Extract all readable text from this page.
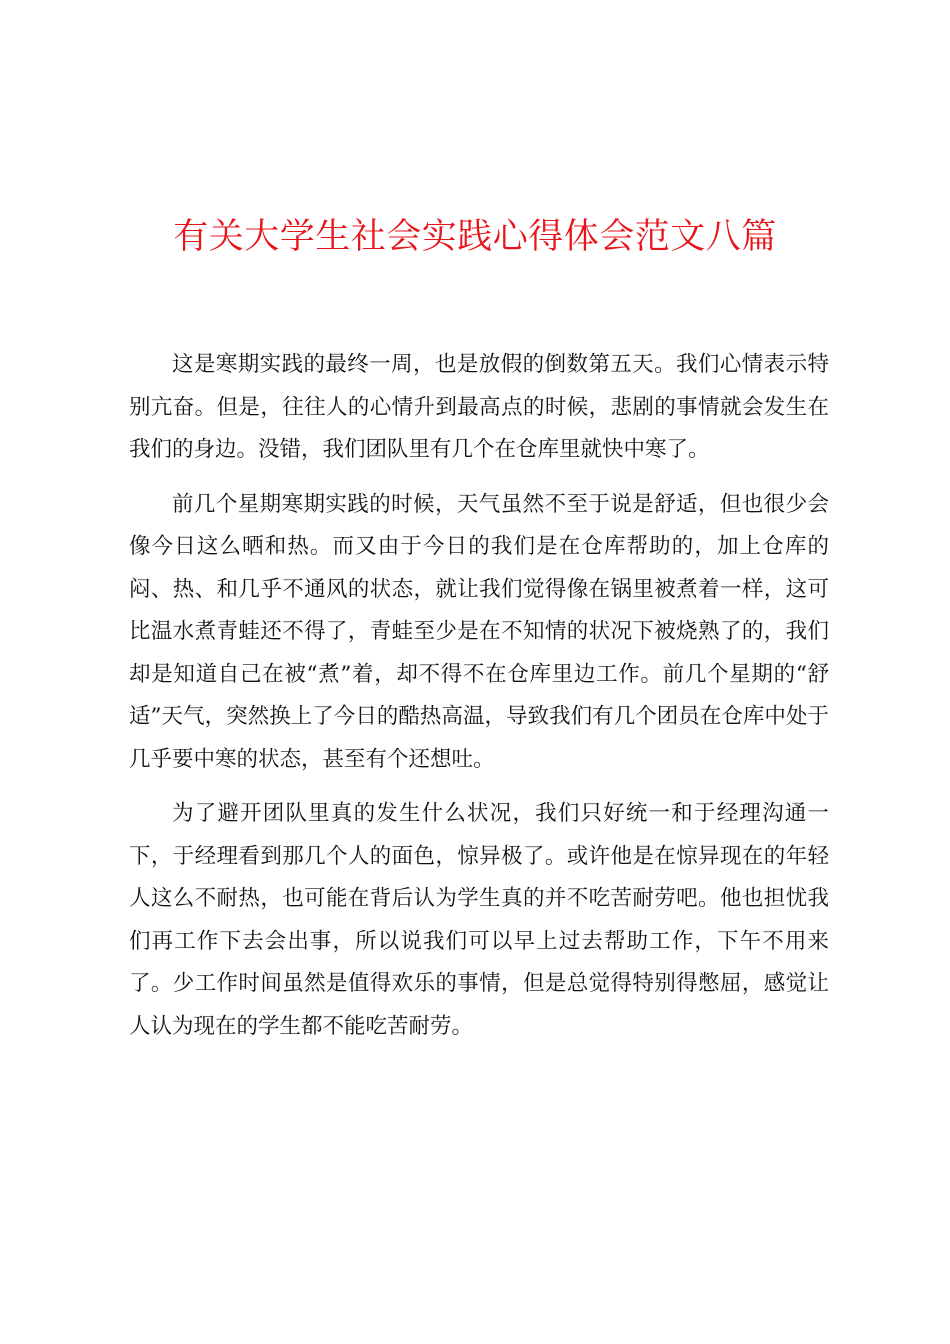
有关大学生社会实践心得体会范文八篇

这是寒期实践的最终一周，也是放假的倒数第五天。我们心情表示特别亢奋。但是，往往人的心情升到最高点的时候，悲剧的事情就会发生在我们的身边。没错，我们团队里有几个在仓库里就快中寒了。

前几个星期寒期实践的时候，天气虽然不至于说是舒适，但也很少会像今日这么晒和热。而又由于今日的我们是在仓库帮助的，加上仓库的闷、热、和几乎不通风的状态，就让我们觉得像在锅里被煮着一样，这可比温水煮青蛙还不得了，青蛙至少是在不知情的状况下被烧熟了的，我们却是知道自己在被“煮”着，却不得不在仓库里边工作。前几个星期的“舒适”天气，突然换上了今日的酷热高温，导致我们有几个团员在仓库中处于几乎要中寒的状态，甚至有个还想吐。

为了避开团队里真的发生什么状况，我们只好统一和于经理沟通一下，于经理看到那几个人的面色，惊异极了。或许他是在惊异现在的年轻人这么不耐热，也可能在背后认为学生真的并不吃苦耐劳吧。他也担忧我们再工作下去会出事，所以说我们可以早上过去帮助工作，下午不用来了。少工作时间虽然是值得欢乐的事情，但是总觉得特别得憋屈，感觉让人认为现在的学生都不能吃苦耐劳。
